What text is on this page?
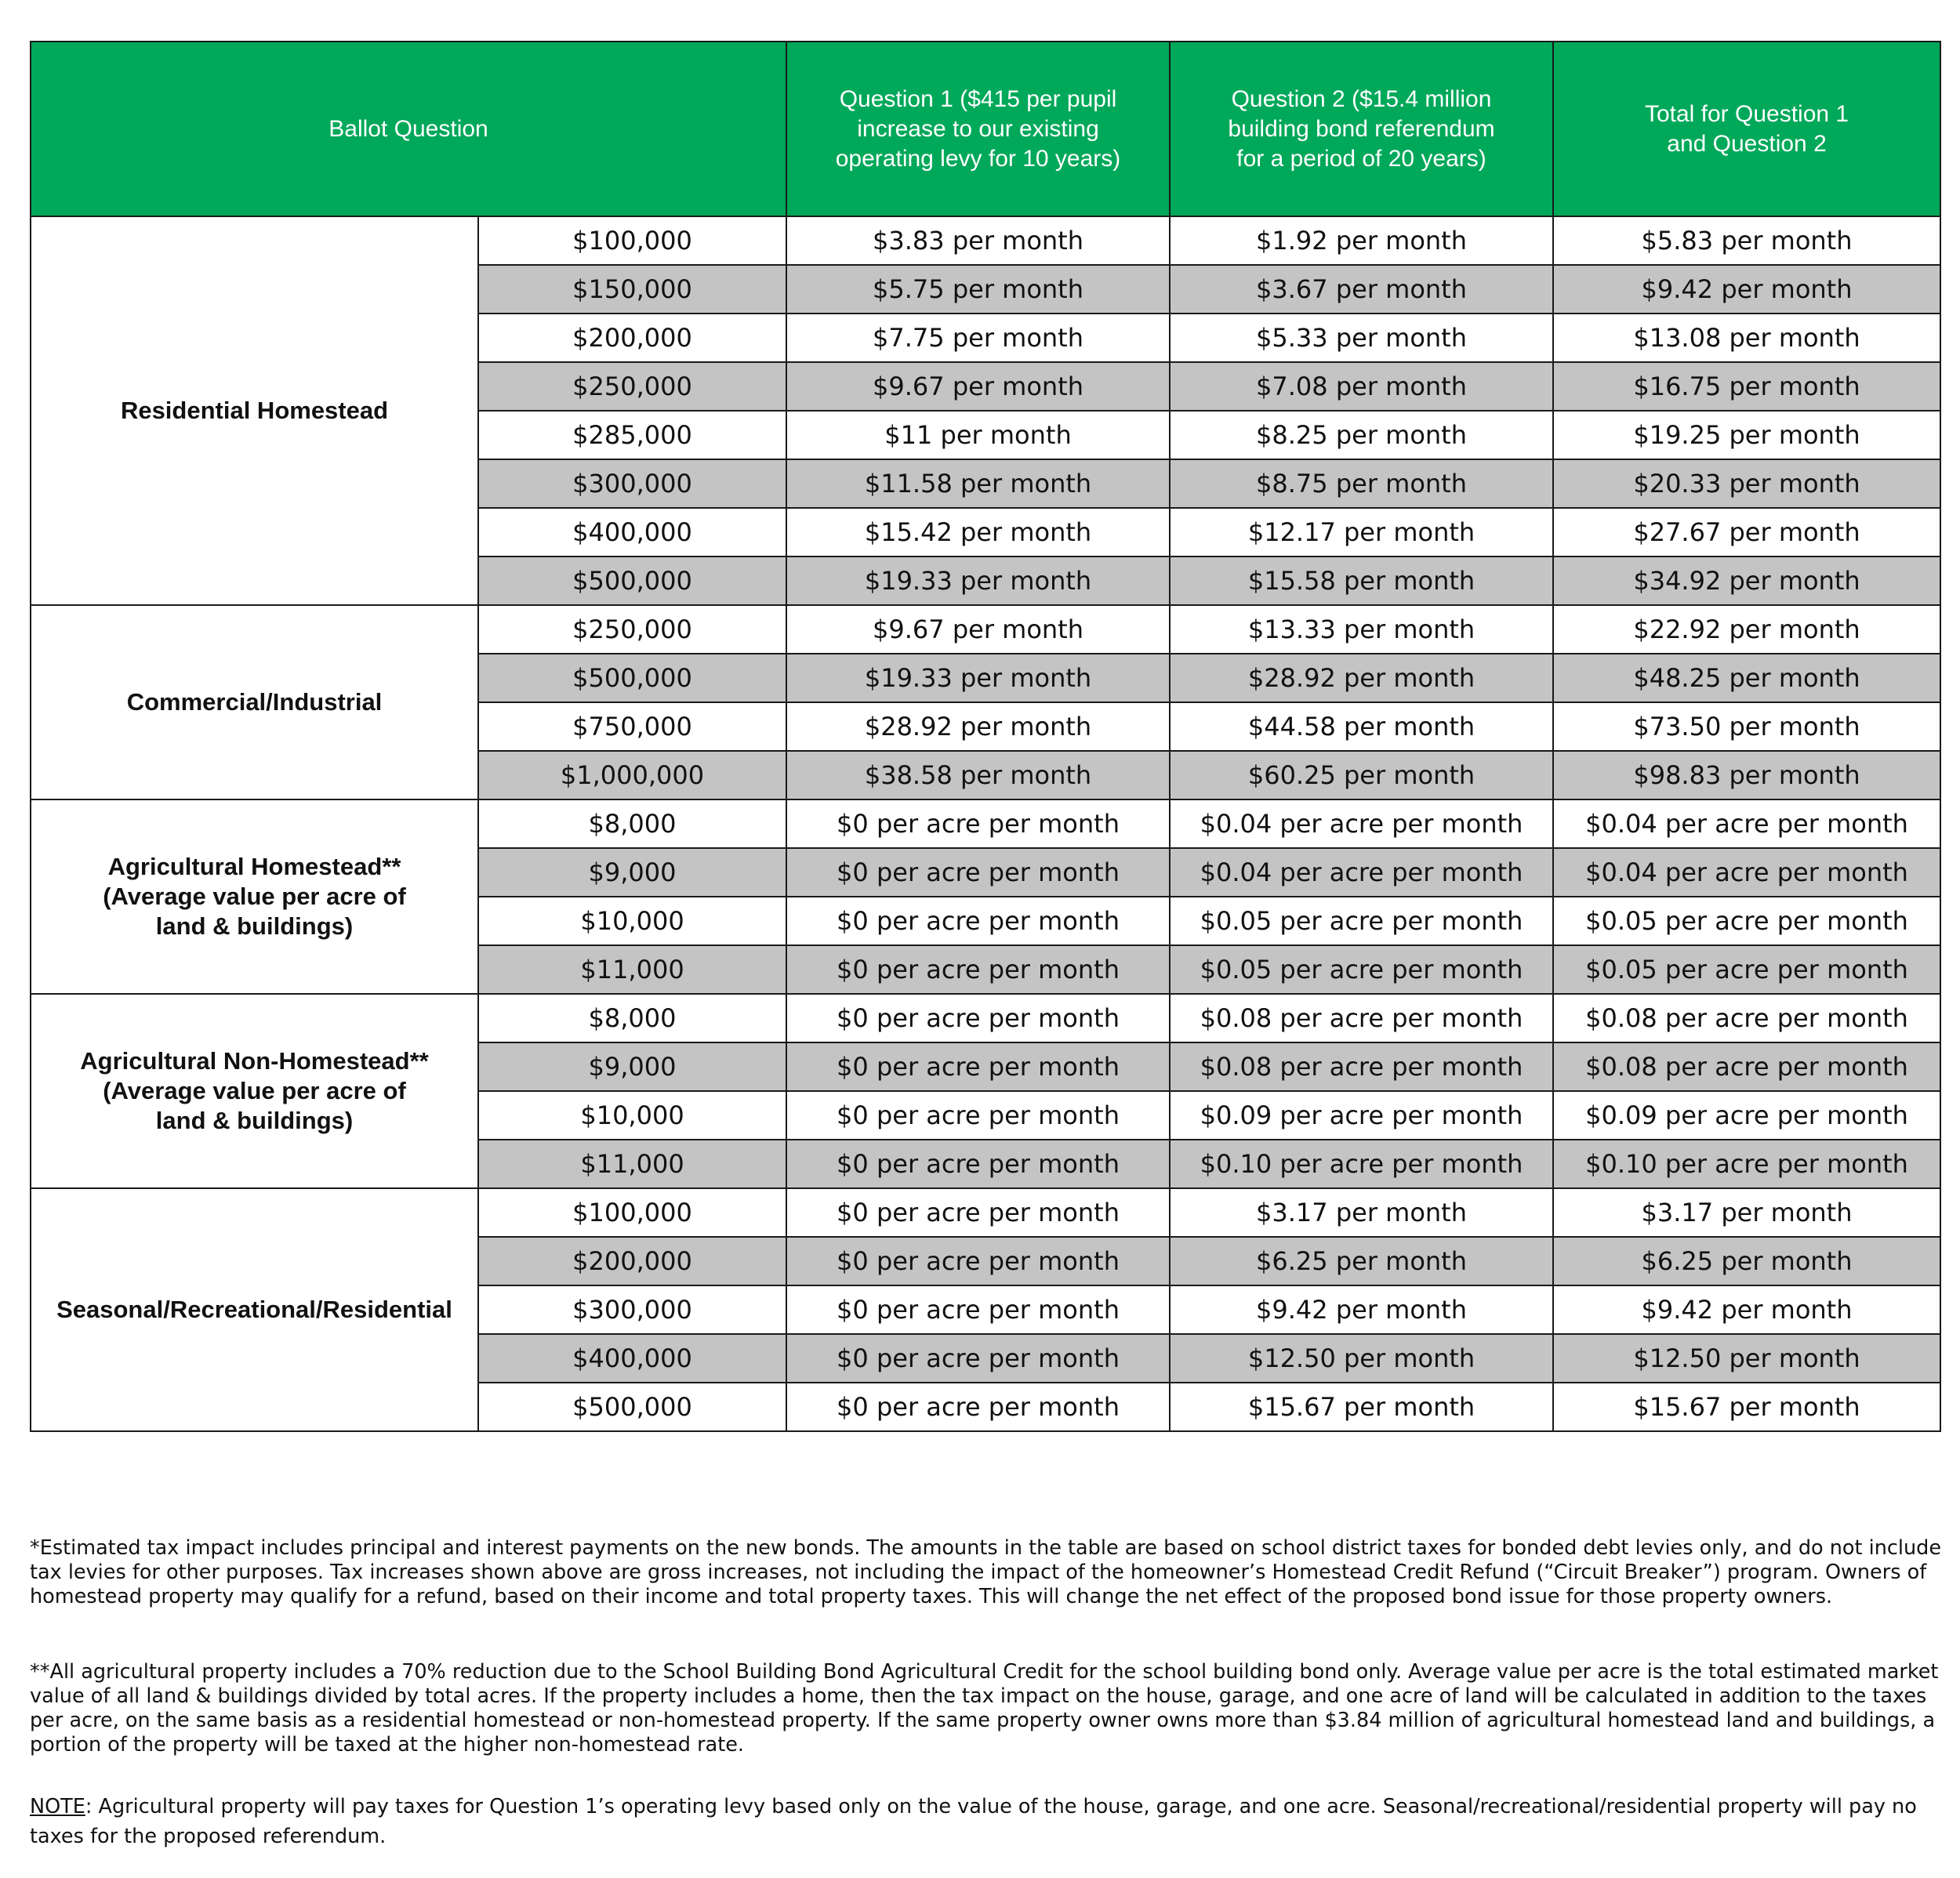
Ballot Question		Question 1 ($415 per pupil
increase to our existing
operating levy for 10 years)	Question 2 ($15.4 million
building bond referendum
for a period of 20 years)	Total for Question 1
and Question 2

Residential Homestead	$100,000	$3.83 per month	$1.92 per month	$5.83 per month
	$150,000	$5.75 per month	$3.67 per month	$9.42 per month
	$200,000	$7.75 per month	$5.33 per month	$13.08 per month
	$250,000	$9.67 per month	$7.08 per month	$16.75 per month
	$285,000	$11 per month	$8.25 per month	$19.25 per month
	$300,000	$11.58 per month	$8.75 per month	$20.33 per month
	$400,000	$15.42 per month	$12.17 per month	$27.67 per month
	$500,000	$19.33 per month	$15.58 per month	$34.92 per month

Commercial/Industrial	$250,000	$9.67 per month	$13.33 per month	$22.92 per month
	$500,000	$19.33 per month	$28.92 per month	$48.25 per month
	$750,000	$28.92 per month	$44.58 per month	$73.50 per month
	$1,000,000	$38.58 per month	$60.25 per month	$98.83 per month

Agricultural Homestead**
(Average value per acre of
land & buildings)	$8,000	$0 per acre per month	$0.04 per acre per month	$0.04 per acre per month
	$9,000	$0 per acre per month	$0.04 per acre per month	$0.04 per acre per month
	$10,000	$0 per acre per month	$0.05 per acre per month	$0.05 per acre per month
	$11,000	$0 per acre per month	$0.05 per acre per month	$0.05 per acre per month

Agricultural Non-Homestead**
(Average value per acre of
land & buildings)	$8,000	$0 per acre per month	$0.08 per acre per month	$0.08 per acre per month
	$9,000	$0 per acre per month	$0.08 per acre per month	$0.08 per acre per month
	$10,000	$0 per acre per month	$0.09 per acre per month	$0.09 per acre per month
	$11,000	$0 per acre per month	$0.10 per acre per month	$0.10 per acre per month

Seasonal/Recreational/Residential	$100,000	$0 per acre per month	$3.17 per month	$3.17 per month
	$200,000	$0 per acre per month	$6.25 per month	$6.25 per month
	$300,000	$0 per acre per month	$9.42 per month	$9.42 per month
	$400,000	$0 per acre per month	$12.50 per month	$12.50 per month
	$500,000	$0 per acre per month	$15.67 per month	$15.67 per month

*Estimated tax impact includes principal and interest payments on the new bonds. The amounts in the table are based on school district taxes for bonded debt levies only, and do not include tax levies for other purposes. Tax increases shown above are gross increases, not including the impact of the homeowner’s Homestead Credit Refund (“Circuit Breaker”) program. Owners of homestead property may qualify for a refund, based on their income and total property taxes. This will change the net effect of the proposed bond issue for those property owners.

**All agricultural property includes a 70% reduction due to the School Building Bond Agricultural Credit for the school building bond only. Average value per acre is the total estimated market value of all land & buildings divided by total acres. If the property includes a home, then the tax impact on the house, garage, and one acre of land will be calculated in addition to the taxes per acre, on the same basis as a residential homestead or non-homestead property. If the same property owner owns more than $3.84 million of agricultural homestead land and buildings, a portion of the property will be taxed at the higher non-homestead rate.

NOTE: Agricultural property will pay taxes for Question 1’s operating levy based only on the value of the house, garage, and one acre. Seasonal/recreational/residential property will pay no taxes for the proposed referendum.
